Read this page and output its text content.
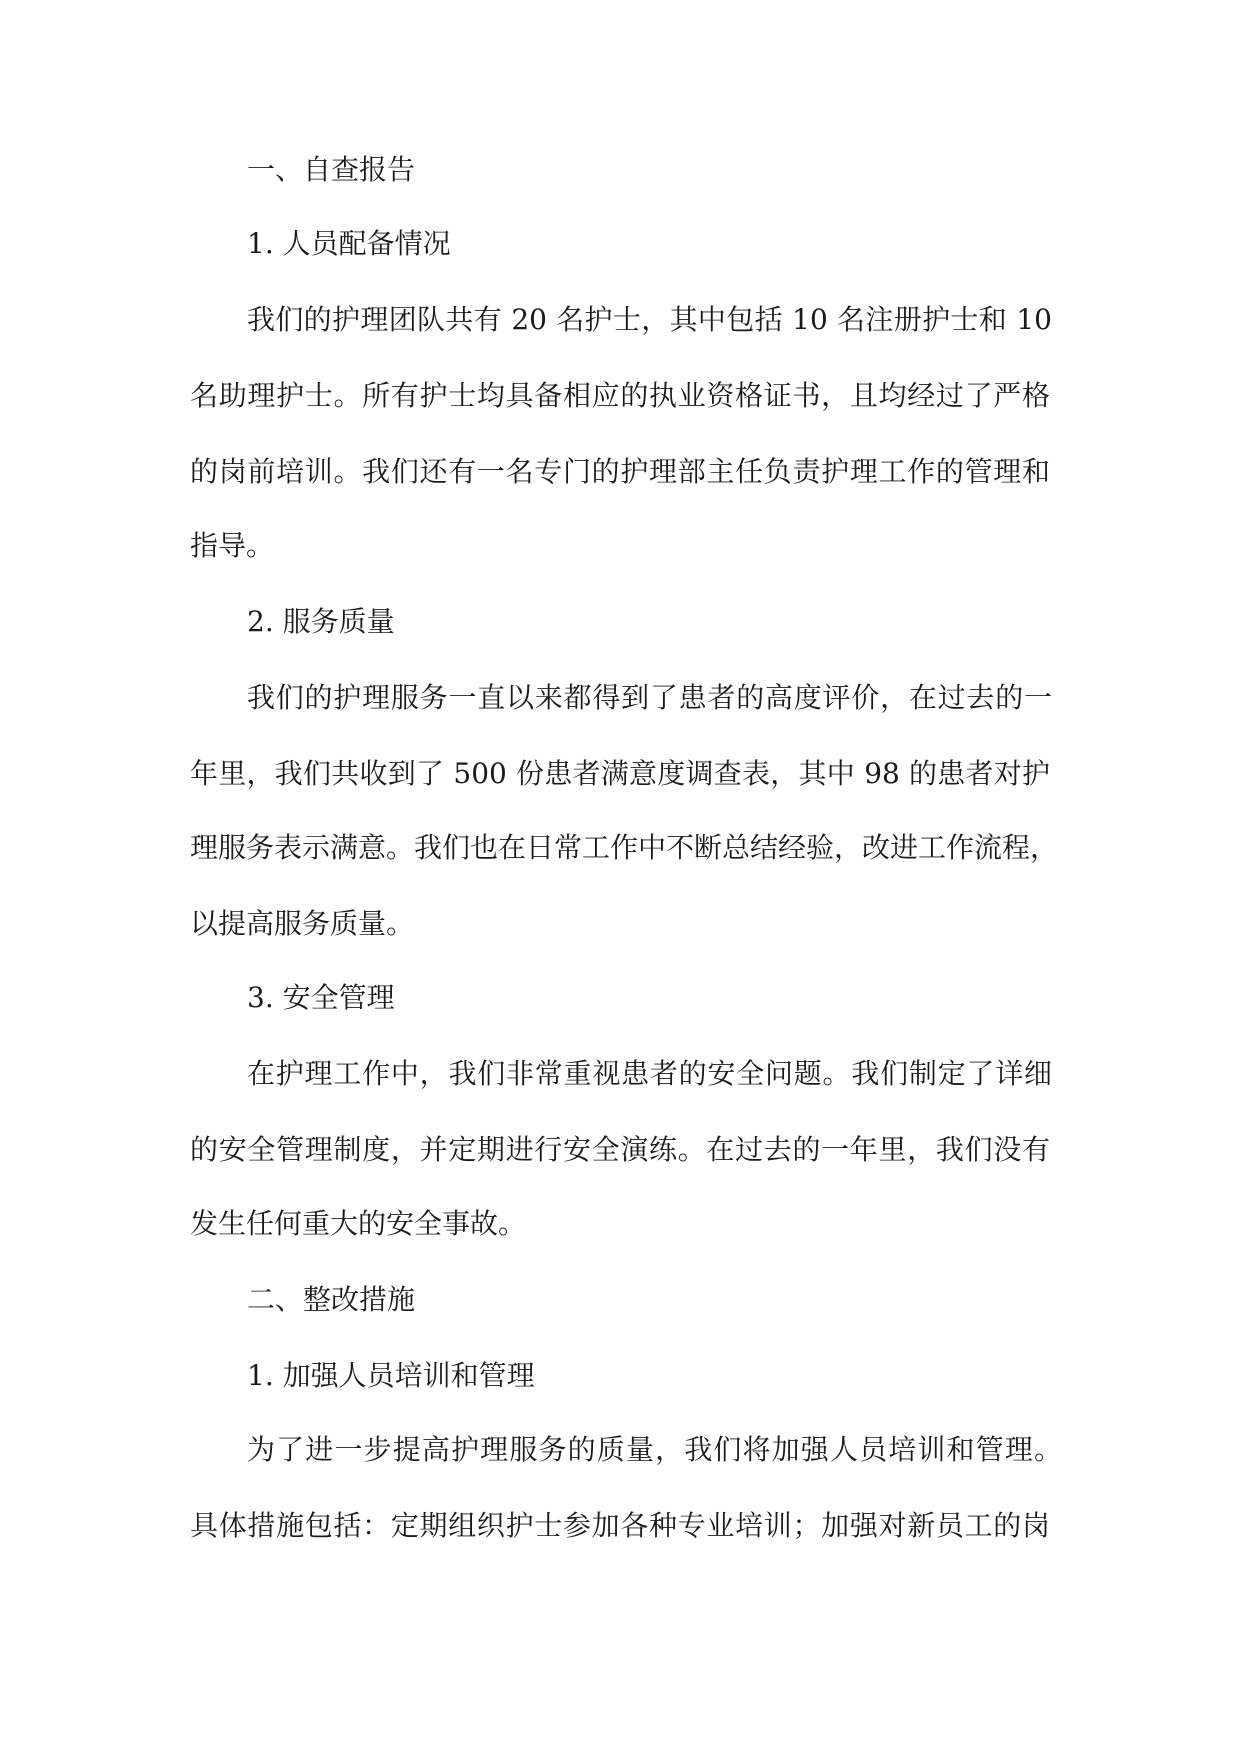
一、自查报告
1. 人员配备情况
我们的护理团队共有 20 名护士，其中包括 10 名注册护士和 10
名助理护士。所有护士均具备相应的执业资格证书，且均经过了严格
的岗前培训。我们还有一名专门的护理部主任负责护理工作的管理和
指导。
2. 服务质量
我们的护理服务一直以来都得到了患者的高度评价，在过去的一
年里，我们共收到了 500 份患者满意度调查表，其中 98 的患者对护
理服务表示满意。我们也在日常工作中不断总结经验，改进工作流程，
以提高服务质量。
3. 安全管理
在护理工作中，我们非常重视患者的安全问题。我们制定了详细
的安全管理制度，并定期进行安全演练。在过去的一年里，我们没有
发生任何重大的安全事故。
二、整改措施
1. 加强人员培训和管理
为了进一步提高护理服务的质量，我们将加强人员培训和管理。
具体措施包括：定期组织护士参加各种专业培训；加强对新员工的岗
